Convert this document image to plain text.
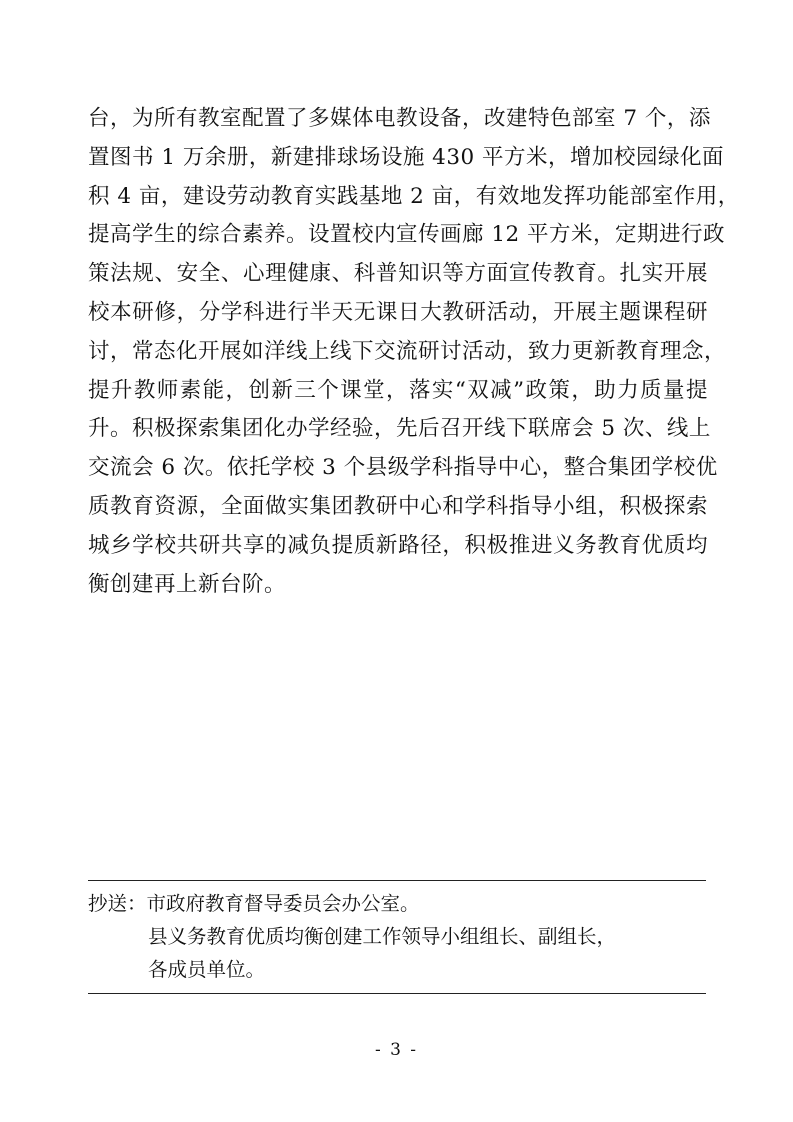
台，为所有教室配置了多媒体电教设备，改建特色部室 7 个，添
置图书 1 万余册，新建排球场设施 430 平方米，增加校园绿化面
积 4 亩，建设劳动教育实践基地 2 亩，有效地发挥功能部室作用，
提高学生的综合素养。设置校内宣传画廊 12 平方米，定期进行政
策法规、安全、心理健康、科普知识等方面宣传教育。扎实开展
校本研修，分学科进行半天无课日大教研活动，开展主题课程研
讨，常态化开展如洋线上线下交流研讨活动，致力更新教育理念，
提升教师素能，创新三个课堂，落实“双减”政策，助力质量提
升。积极探索集团化办学经验，先后召开线下联席会 5 次、线上
交流会 6 次。依托学校 3 个县级学科指导中心，整合集团学校优
质教育资源，全面做实集团教研中心和学科指导小组，积极探索
城乡学校共研共享的减负提质新路径，积极推进义务教育优质均
衡创建再上新台阶。
抄送：市政府教育督导委员会办公室。
县义务教育优质均衡创建工作领导小组组长、副组长，
各成员单位。
- 3 -
